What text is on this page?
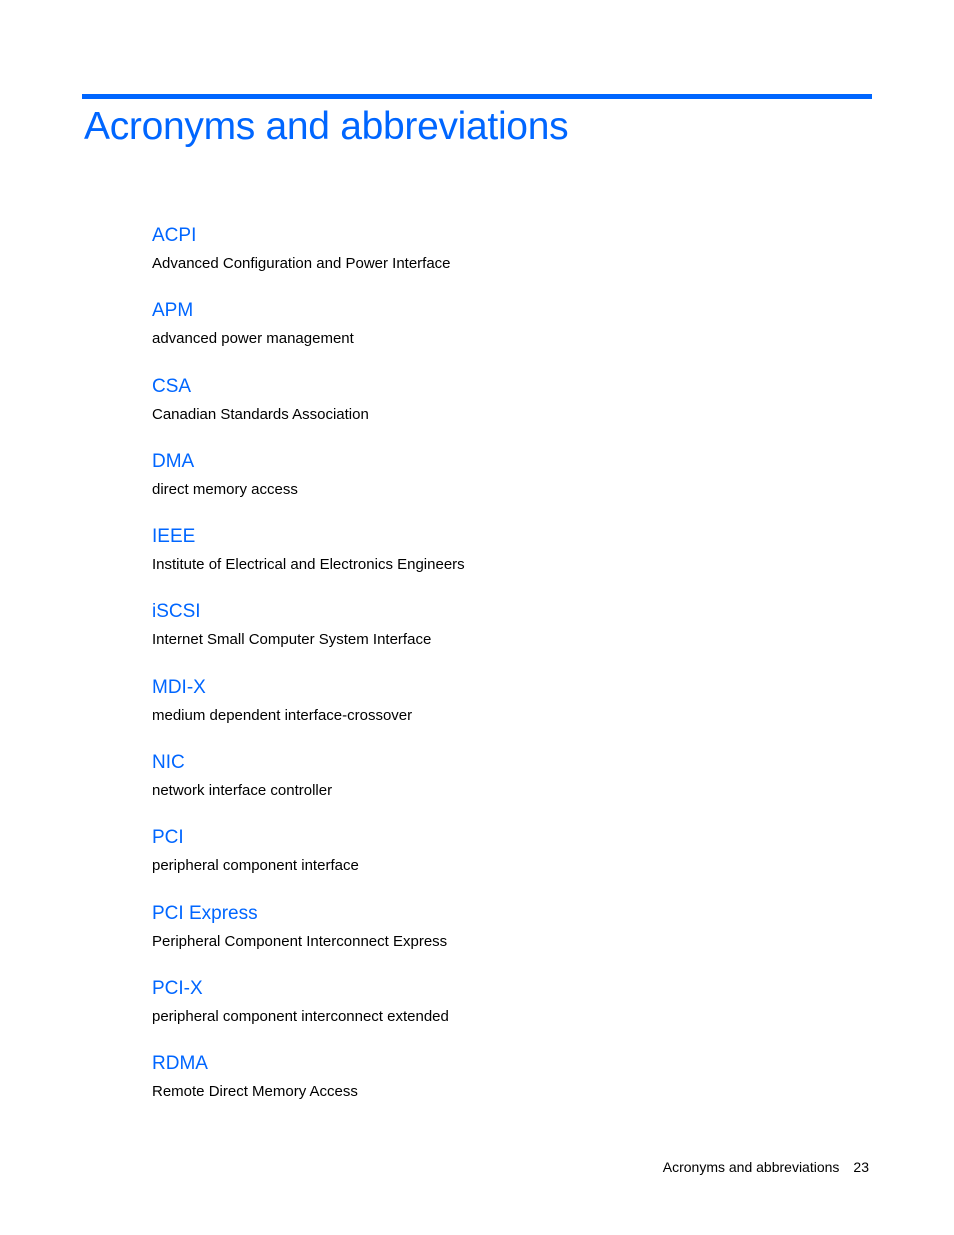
Acronyms and abbreviations
ACPI
Advanced Configuration and Power Interface
APM
advanced power management
CSA
Canadian Standards Association
DMA
direct memory access
IEEE
Institute of Electrical and Electronics Engineers
iSCSI
Internet Small Computer System Interface
MDI-X
medium dependent interface-crossover
NIC
network interface controller
PCI
peripheral component interface
PCI Express
Peripheral Component Interconnect Express
PCI-X
peripheral component interconnect extended
RDMA
Remote Direct Memory Access
Acronyms and abbreviations 23
